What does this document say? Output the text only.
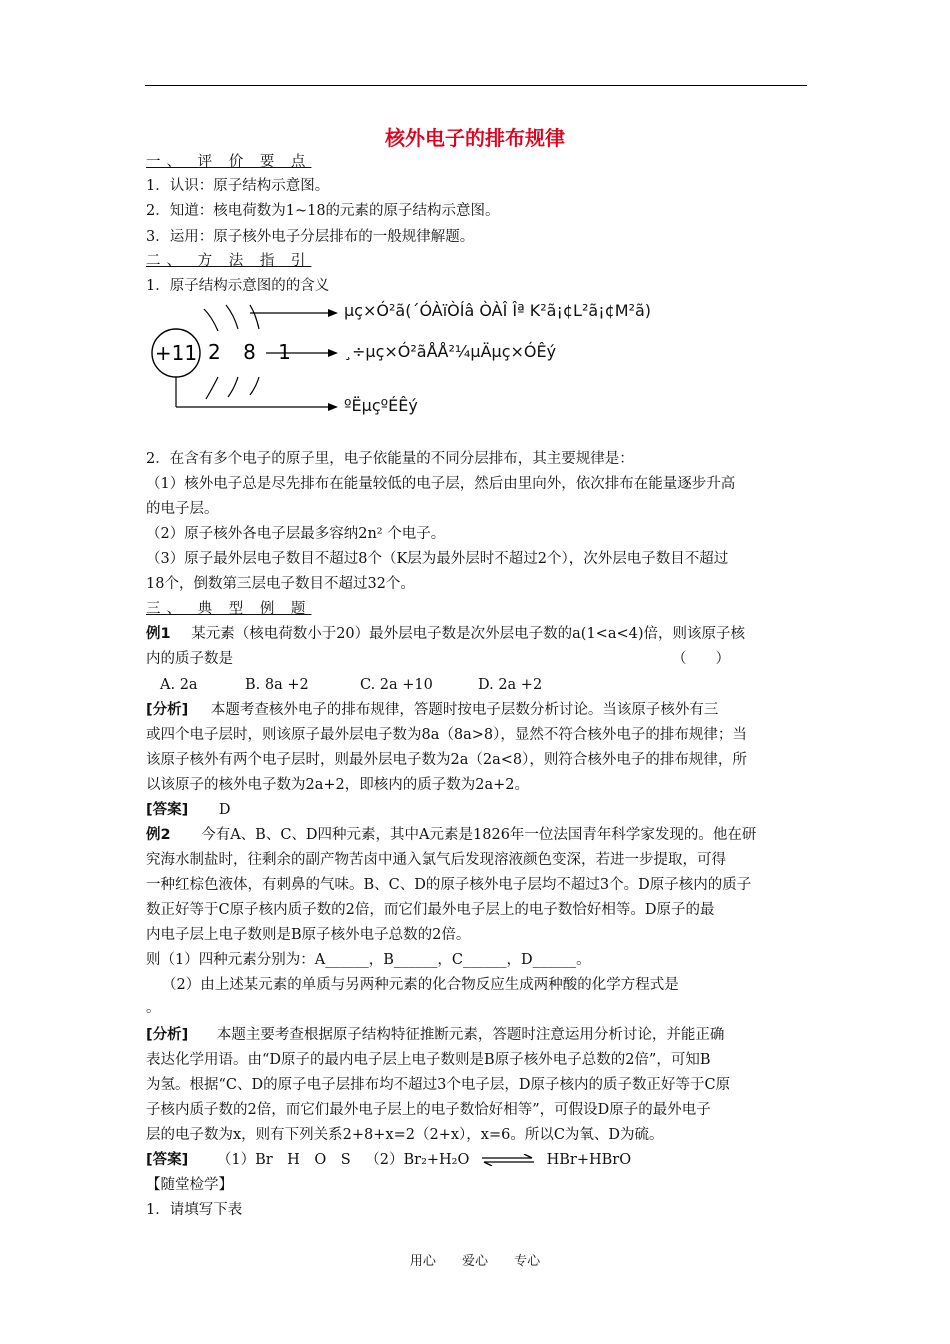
核外电子的排布规律
一、 评 价 要 点
1．认识：原子结构示意图。
2．知道：核电荷数为1~18的元素的原子结构示意图。
3．运用：原子核外电子分层排布的一般规律解题。
二、 方 法 指 引
1．原子结构示意图的的含义
+11 2 8 1
µç×Ó²ã(´ÓÀïÒÍâ ÒÀÎ Îª K²ã¡¢L²ã¡¢M²ã)
¸÷µç×Ó²ãÅÅ²¼µÄµç×ÓÊý
ºËµçºÉÊý
2．在含有多个电子的原子里，电子依能量的不同分层排布，其主要规律是：
（1）核外电子总是尽先排布在能量较低的电子层，然后由里向外，依次排布在能量逐步升高
的电子层。
（2）原子核外各电子层最多容纳2n² 个电子。
（3）原子最外层电子数目不超过8个（K层为最外层时不超过2个），次外层电子数目不超过
18个，倒数第三层电子数目不超过32个。
三、 典 型 例 题
例1 某元素（核电荷数小于20）最外层电子数是次外层电子数的a(1<a<4)倍，则该原子核
内的质子数是	（　　）
A. 2a	B. 8a +2	C. 2a +10	D. 2a +2
[分析] 本题考查核外电子的排布规律，答题时按电子层数分析讨论。当该原子核外有三
或四个电子层时，则该原子最外层电子数为8a（8a>8），显然不符合核外电子的排布规律；当
该原子核外有两个电子层时，则最外层电子数为2a（2a<8），则符合核外电子的排布规律，所
以该原子的核外电子数为2a+2，即核内的质子数为2a+2。
[答案] D
例2 今有A、B、C、D四种元素，其中A元素是1826年一位法国青年科学家发现的。他在研
究海水制盐时，往剩余的副产物苦卤中通入氯气后发现溶液颜色变深，若进一步提取，可得
一种红棕色液体，有刺鼻的气味。B、C、D的原子核外电子层均不超过3个。D原子核内的质子
数正好等于C原子核内质子数的2倍，而它们最外电子层上的电子数恰好相等。D原子的最
内电子层上电子数则是B原子核外电子总数的2倍。
则（1）四种元素分别为：A______，B______，C______，D______。
（2）由上述某元素的单质与另两种元素的化合物反应生成两种酸的化学方程式是
。
[分析] 本题主要考查根据原子结构特征推断元素，答题时注意运用分析讨论，并能正确
表达化学用语。由“D原子的最内电子层上电子数则是B原子核外电子总数的2倍”，可知B
为氢。根据“C、D的原子电子层排布均不超过3个电子层，D原子核内的质子数正好等于C原
子核内质子数的2倍，而它们最外电子层上的电子数恰好相等”，可假设D原子的最外电子
层的电子数为x，则有下列关系2+8+x=2（2+x），x=6。所以C为氧、D为硫。
[答案] （1）Br　H　O　S （2）Br₂+H₂O ⇌ HBr+HBrO
【随堂检学】
1．请填写下表
用心 爱心 专心
